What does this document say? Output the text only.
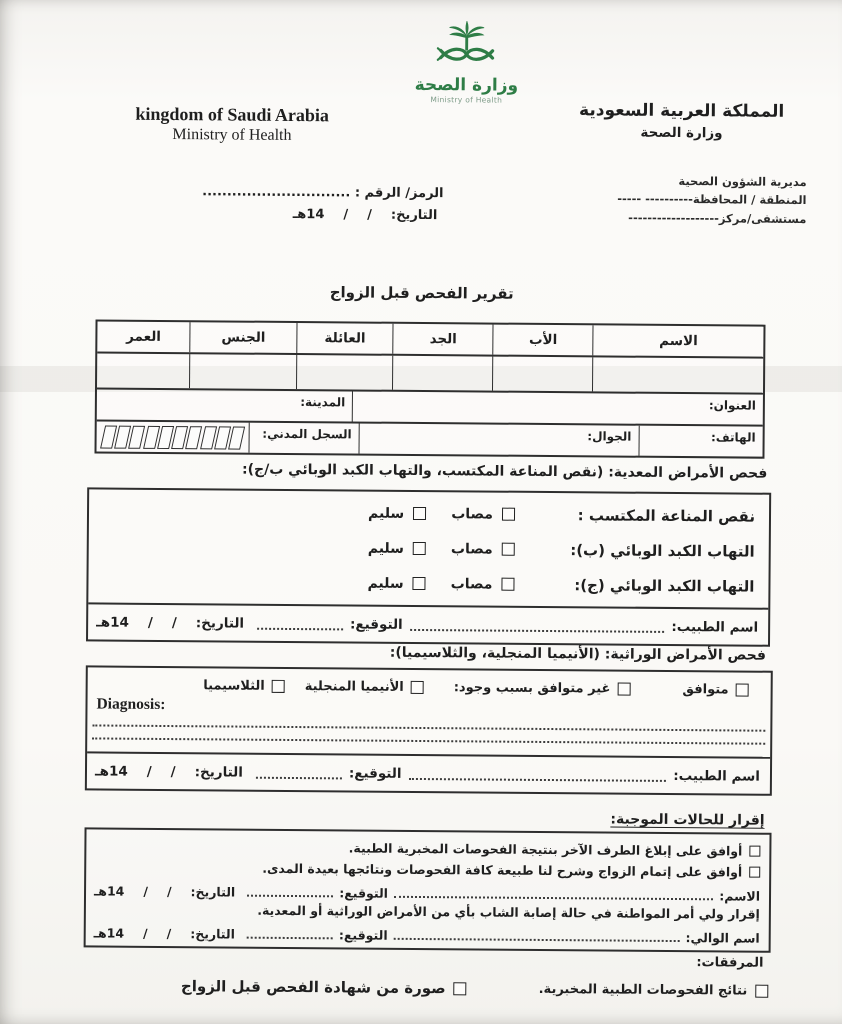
وزارة الصحة
Ministry of Health
kingdom of Saudi Arabia
Ministry of Health
المملكة العربية السعودية
وزارة الصحة
مديرية الشؤون الصحية
المنطقة / المحافظة---------- -----
مستشفى/مركز-------------------
الرمز/ الرقم : ..............................
التاريخ:
/
/
14هـ
تقرير الفحص قبل الزواج
الاسم
الأب
الجد
العائلة
الجنس
العمر
العنوان:
المدينة:
الهاتف:
الجوال:
السجل المدني:
فحص الأمراض المعدية: (نقص المناعة المكتسب، والتهاب الكبد الوبائي ب/ج):
نقص المناعة المكتسب :
مصاب
سليم
التهاب الكبد الوبائي (ب):
مصاب
سليم
التهاب الكبد الوبائي (ج):
مصاب
سليم
اسم الطبيب:
التوقيع:
التاريخ:
/
/
14هـ
فحص الأمراض الوراثية: (الأنيميا المنجلية، والثلاسيميا):
متوافق
غير متوافق بسبب وجود:
الأنيميا المنجلية
الثلاسيميا
Diagnosis:
اسم الطبيب:
التوقيع:
التاريخ:
/
/
14هـ
إقرار للحالات الموجبة:
أوافق على إبلاغ الطرف الآخر بنتيجة الفحوصات المخبرية الطبية.
أوافق على إتمام الزواج وشرح لنا طبيعة كافة الفحوصات ونتائجها بعيدة المدى.
الاسم:
التوقيع:
التاريخ:
/
/
14هـ
إقرار ولي أمر المواطنة في حالة إصابة الشاب بأي من الأمراض الوراثية أو المعدية.
اسم الوالي:
التوقيع:
التاريخ:
/
/
14هـ
المرفقات:
نتائج الفحوصات الطبية المخبرية.
صورة من شهادة الفحص قبل الزواج
